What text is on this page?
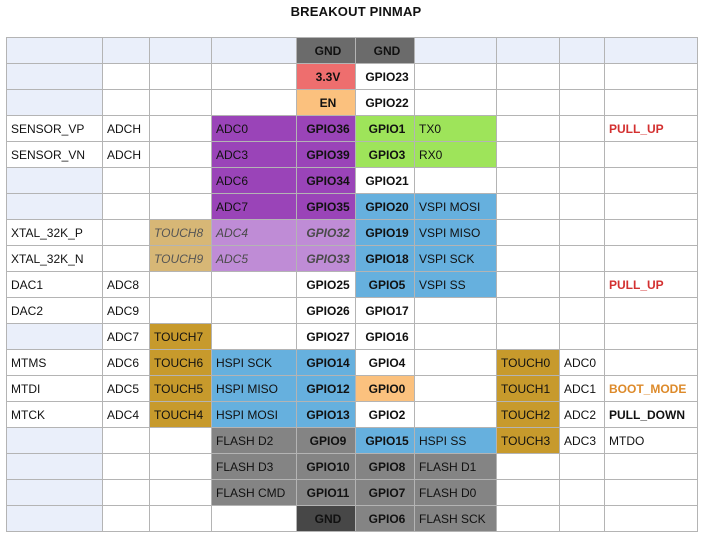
BREAKOUT PINMAP
				GND	GND				
				3.3V	GPIO23				
				EN	GPIO22				
SENSOR_VP	ADCH		ADC0	GPIO36	GPIO1	TX0			PULL_UP
SENSOR_VN	ADCH		ADC3	GPIO39	GPIO3	RX0			
			ADC6	GPIO34	GPIO21				
			ADC7	GPIO35	GPIO20	VSPI MOSI			
XTAL_32K_P		TOUCH8	ADC4	GPIO32	GPIO19	VSPI MISO			
XTAL_32K_N		TOUCH9	ADC5	GPIO33	GPIO18	VSPI SCK			
DAC1	ADC8			GPIO25	GPIO5	VSPI SS			PULL_UP
DAC2	ADC9			GPIO26	GPIO17				
	ADC7	TOUCH7		GPIO27	GPIO16				
MTMS	ADC6	TOUCH6	HSPI SCK	GPIO14	GPIO4		TOUCH0	ADC0	
MTDI	ADC5	TOUCH5	HSPI MISO	GPIO12	GPIO0		TOUCH1	ADC1	BOOT_MODE
MTCK	ADC4	TOUCH4	HSPI MOSI	GPIO13	GPIO2		TOUCH2	ADC2	PULL_DOWN
			FLASH D2	GPIO9	GPIO15	HSPI SS	TOUCH3	ADC3	MTDO
			FLASH D3	GPIO10	GPIO8	FLASH D1			
			FLASH CMD	GPIO11	GPIO7	FLASH D0			
				GND	GPIO6	FLASH SCK			
